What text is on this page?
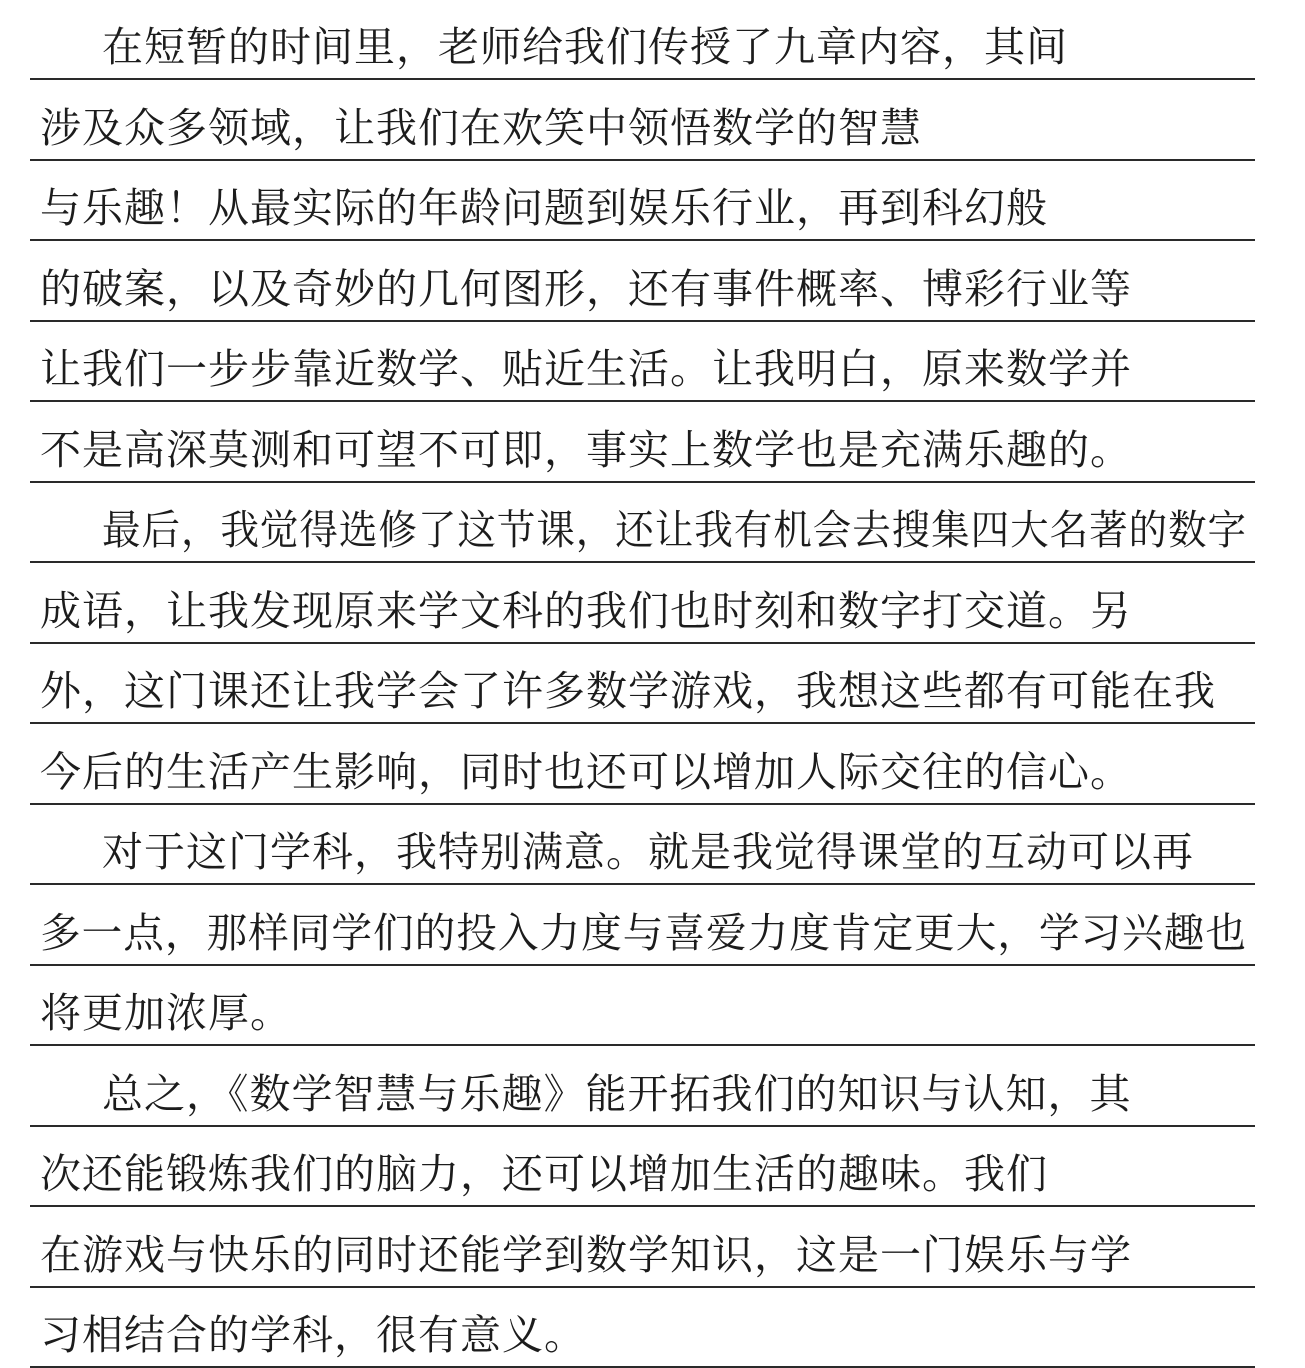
在短暂的时间里，老师给我们传授了九章内容，其间
涉及众多领域，让我们在欢笑中领悟数学的智慧
与乐趣！从最实际的年龄问题到娱乐行业，再到科幻般
的破案，以及奇妙的几何图形，还有事件概率、博彩行业等
让我们一步步靠近数学、贴近生活。让我明白，原来数学并
不是高深莫测和可望不可即，事实上数学也是充满乐趣的。
最后，我觉得选修了这节课，还让我有机会去搜集四大名著的数字
成语，让我发现原来学文科的我们也时刻和数字打交道。另
外，这门课还让我学会了许多数学游戏，我想这些都有可能在我
今后的生活产生影响，同时也还可以增加人际交往的信心。
对于这门学科，我特别满意。就是我觉得课堂的互动可以再
多一点，那样同学们的投入力度与喜爱力度肯定更大，学习兴趣也
将更加浓厚。
总之，《数学智慧与乐趣》能开拓我们的知识与认知，其
次还能锻炼我们的脑力，还可以增加生活的趣味。我们
在游戏与快乐的同时还能学到数学知识，这是一门娱乐与学
习相结合的学科，很有意义。
